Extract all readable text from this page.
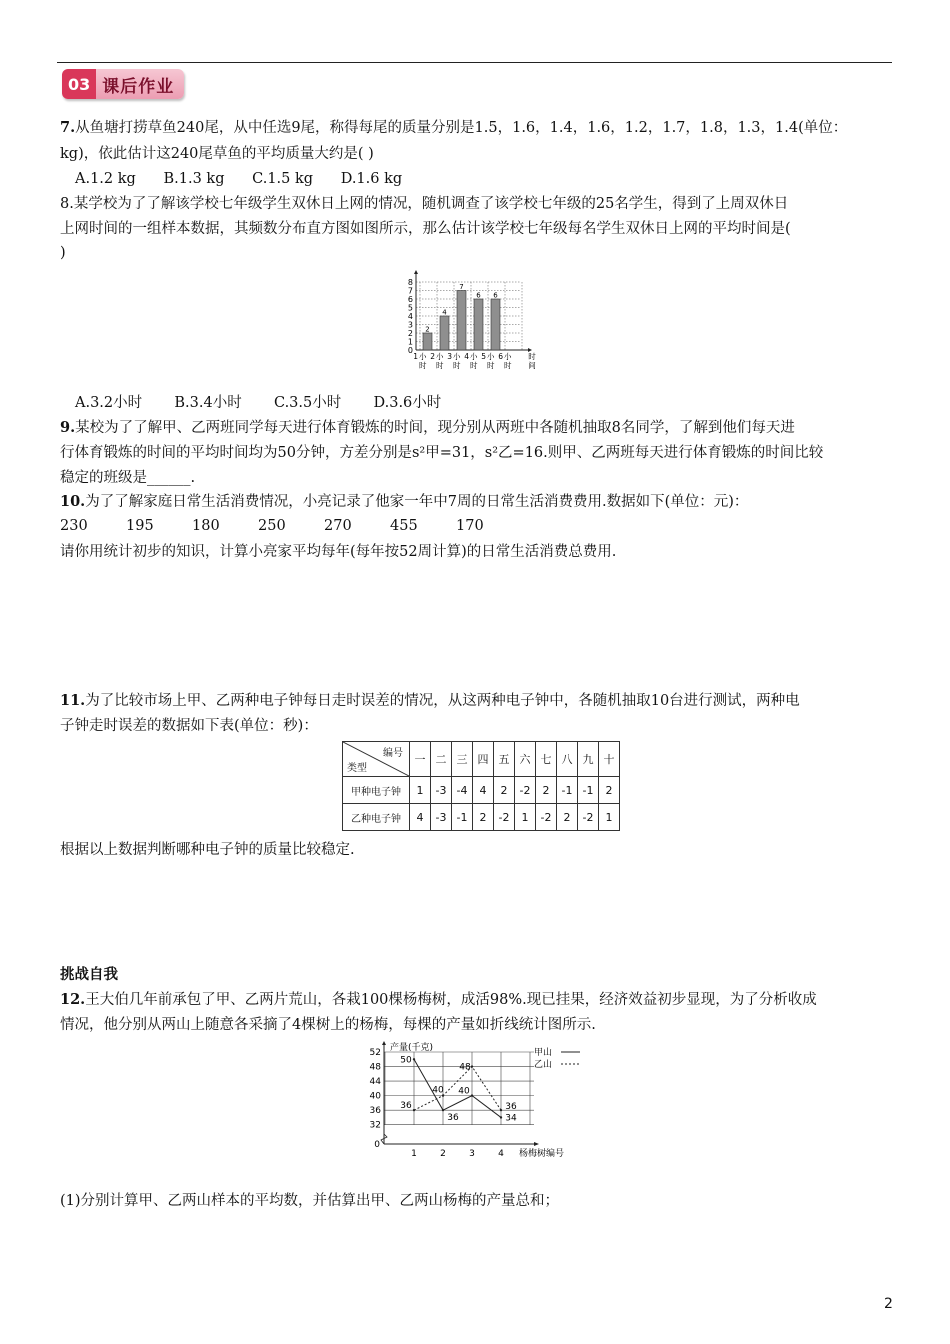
03 课后作业
7.从鱼塘打捞草鱼240尾，从中任选9尾，称得每尾的质量分别是1.5，1.6，1.4，1.6，1.2，1.7，1.8，1.3，1.4(单位：
kg)，依此估计这240尾草鱼的平均质量大约是( )
A.1.2 kg      B.1.3 kg      C.1.5 kg      D.1.6 kg
8.某学校为了了解该学校七年级学生双休日上网的情况，随机调查了该学校七年级的25名学生，得到了上周双休日
上网时间的一组样本数据，其频数分布直方图如图所示，那么估计该学校七年级每名学生双休日上网的平均时间是(
)
0
1
2
3
4
5
6
7
8
2
4
7
6 6
1 小
时
2 小
时
3 小
时
4 小
时
5 小
时
6 小
时
时
间
A.3.2小时       B.3.4小时       C.3.5小时       D.3.6小时
9.某校为了了解甲、乙两班同学每天进行体育锻炼的时间，现分别从两班中各随机抽取8名同学，了解到他们每天进
行体育锻炼的时间的平均时间均为50分钟，方差分别是s²甲=31，s²乙=16.则甲、乙两班每天进行体育锻炼的时间比较
稳定的班级是______.
10.为了了解家庭日常生活消费情况，小亮记录了他家一年中7周的日常生活消费费用.数据如下(单位：元)：
230	195	180	250	270	455	170
请你用统计初步的知识，计算小亮家平均每年(每年按52周计算)的日常生活消费总费用.
11.为了比较市场上甲、乙两种电子钟每日走时误差的情况，从这两种电子钟中，各随机抽取10台进行测试，两种电
子钟走时误差的数据如下表(单位：秒)：
编号
类型	一	二	三	四	五	六	七	八	九	十
甲种电子钟	1	-3	-4	4	2	-2	2	-1	-1	2
乙种电子钟	4	-3	-1	2	-2	1	-2	2	-2	1
根据以上数据判断哪种电子钟的质量比较稳定.
挑战自我
12.王大伯几年前承包了甲、乙两片荒山，各栽100棵杨梅树，成活98%.现已挂果，经济效益初步显现，为了分析收成
情况，他分别从两山上随意各采摘了4棵树上的杨梅，每棵的产量如折线统计图所示.
0
32
36
40
44
48
52
1	2	3	4 杨梅树编号
产量(千克)
50
36
40
34
36
40
48
36
甲山
乙山
(1)分别计算甲、乙两山样本的平均数，并估算出甲、乙两山杨梅的产量总和；
2
